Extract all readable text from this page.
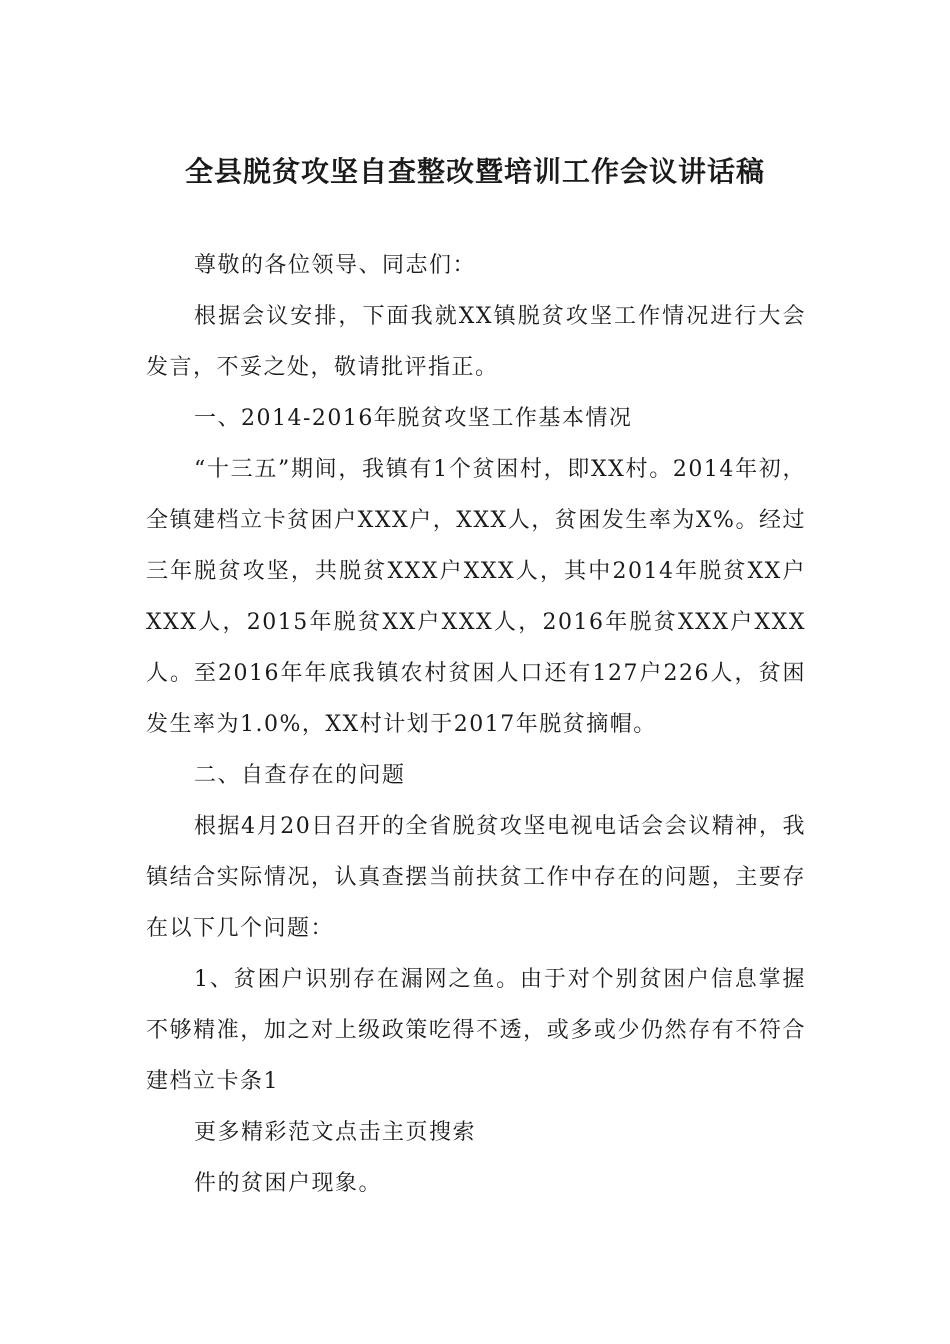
全县脱贫攻坚自查整改暨培训工作会议讲话稿

尊敬的各位领导、同志们：

根据会议安排，下面我就XX镇脱贫攻坚工作情况进行大会发言，不妥之处，敬请批评指正。

一、2014-2016年脱贫攻坚工作基本情况

“十三五”期间，我镇有1个贫困村，即XX村。2014年初，全镇建档立卡贫困户XXX户，XXX人，贫困发生率为X%。经过三年脱贫攻坚，共脱贫XXX户XXX人，其中2014年脱贫XX户XXX人，2015年脱贫XX户XXX人，2016年脱贫XXX户XXX人。至2016年年底我镇农村贫困人口还有127户226人，贫困发生率为1.0%，XX村计划于2017年脱贫摘帽。

二、自查存在的问题

根据4月20日召开的全省脱贫攻坚电视电话会会议精神，我镇结合实际情况，认真查摆当前扶贫工作中存在的问题，主要存在以下几个问题：

1、贫困户识别存在漏网之鱼。由于对个别贫困户信息掌握不够精准，加之对上级政策吃得不透，或多或少仍然存有不符合建档立卡条1

更多精彩范文点击主页搜索

件的贫困户现象。
